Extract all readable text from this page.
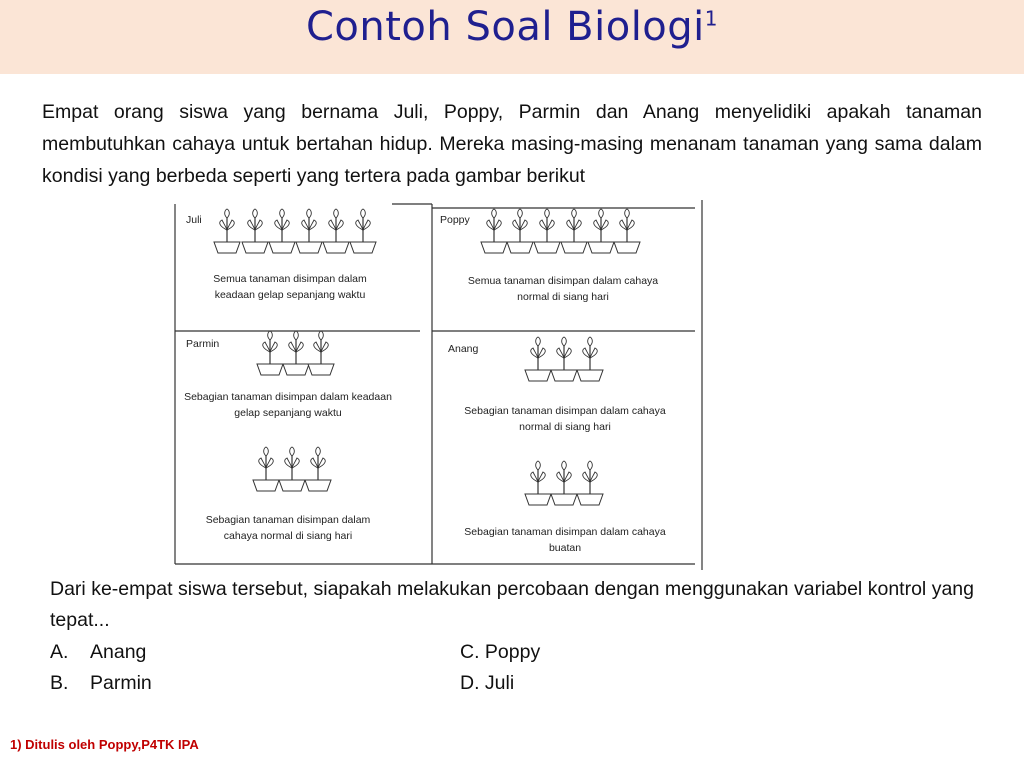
Contoh Soal Biologi$^1$
Empat orang siswa yang bernama Juli, Poppy, Parmin dan Anang menyelidiki apakah tanaman membutuhkan cahaya untuk bertahan hidup. Mereka masing-masing menanam tanaman yang sama dalam kondisi yang berbeda seperti yang tertera pada gambar berikut
Juli
Semua tanaman disimpan dalam
keadaan gelap sepanjang waktu
Poppy
Semua tanaman disimpan dalam cahaya
normal di siang hari
Parmin
Sebagian tanaman disimpan dalam keadaan
gelap sepanjang waktu
Sebagian tanaman disimpan dalam
cahaya normal di siang hari
Anang
Sebagian tanaman disimpan dalam cahaya
normal di siang hari
Sebagian tanaman disimpan dalam cahaya
buatan
Dari ke-empat siswa tersebut, siapakah melakukan percobaan dengan menggunakan variabel kontrol yang tepat...
A. Anang
B. Parmin
C. Poppy
D. Juli
1) Ditulis oleh Poppy,P4TK IPA
